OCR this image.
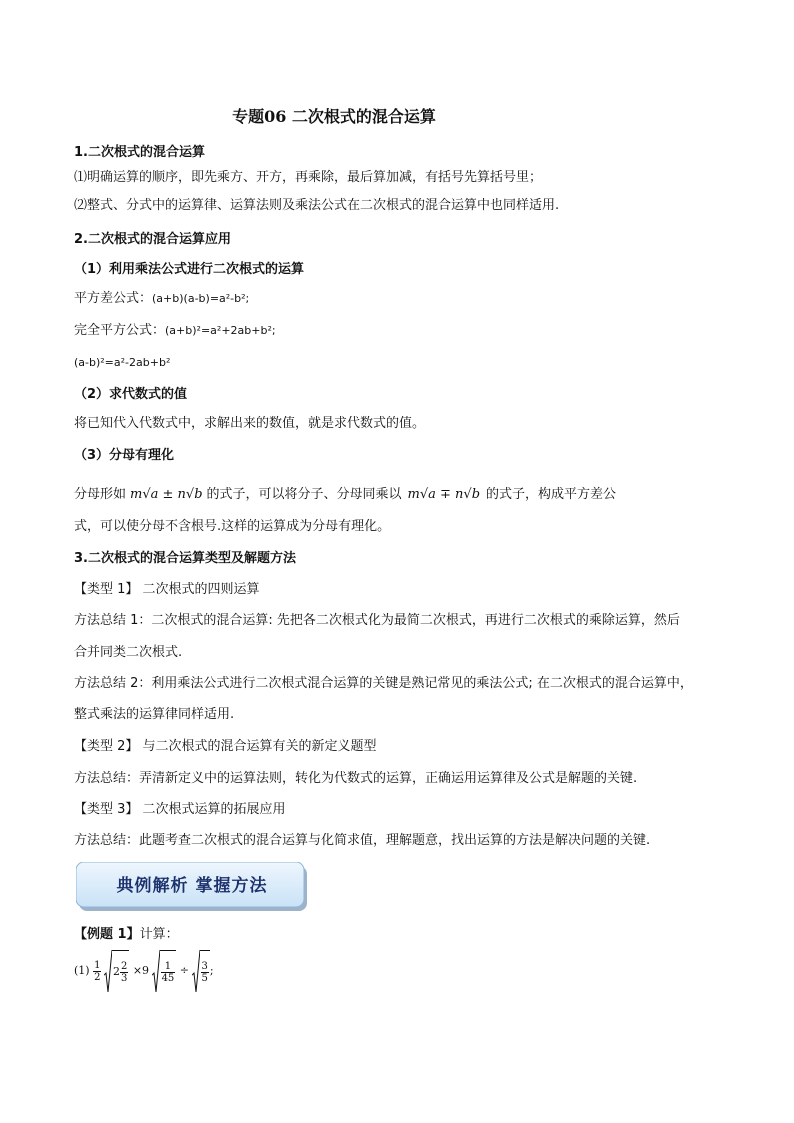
专题06 二次根式的混合运算
1.二次根式的混合运算
⑴明确运算的顺序，即先乘方、开方，再乘除，最后算加减，有括号先算括号里；
⑵整式、分式中的运算律、运算法则及乘法公式在二次根式的混合运算中也同样适用.
2.二次根式的混合运算应用
（1）利用乘法公式进行二次根式的运算
平方差公式：(a+b)(a-b)=a²-b²;
完全平方公式：(a+b)²=a²+2ab+b²;
(a-b)²=a²-2ab+b²
（2）求代数式的值
将已知代入代数式中，求解出来的数值，就是求代数式的值。
（3）分母有理化
分母形如 m√a ± n√b 的式子，可以将分子、分母同乘以 m√a ∓ n√b 的式子，构成平方差公
式，可以使分母不含根号.这样的运算成为分母有理化。
3.二次根式的混合运算类型及解题方法
【类型 1】 二次根式的四则运算
方法总结 1：二次根式的混合运算: 先把各二次根式化为最简二次根式，再进行二次根式的乘除运算，然后
合并同类二次根式.
方法总结 2：利用乘法公式进行二次根式混合运算的关键是熟记常见的乘法公式; 在二次根式的混合运算中，
整式乘法的运算律同样适用.
【类型 2】 与二次根式的混合运算有关的新定义题型
方法总结：弄清新定义中的运算法则，转化为代数式的运算，正确运用运算律及公式是解题的关键.
【类型 3】 二次根式运算的拓展应用
方法总结：此题考查二次根式的混合运算与化简求值，理解题意，找出运算的方法是解决问题的关键.
典例解析 掌握方法
【例题 1】计算：
$(1) \frac{1}{2} 2 \frac{2}{3} \times 9 \frac{1}{45} \div \frac{3}{5}$ ;
